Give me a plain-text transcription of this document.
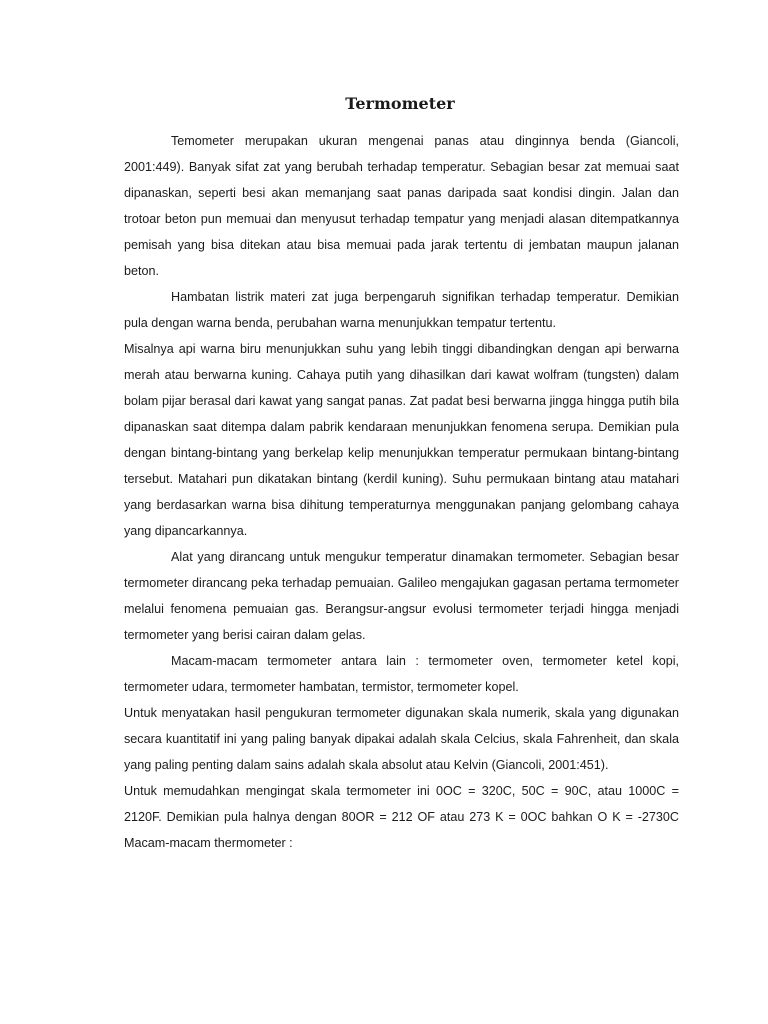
Termometer

Temometer merupakan ukuran mengenai panas atau dinginnya benda (Giancoli, 2001:449). Banyak sifat zat yang berubah terhadap temperatur. Sebagian besar zat memuai saat dipanaskan, seperti besi akan memanjang saat panas daripada saat kondisi dingin. Jalan dan trotoar beton pun memuai dan menyusut terhadap tempatur yang menjadi alasan ditempatkannya pemisah yang bisa ditekan atau bisa memuai pada jarak tertentu di jembatan maupun jalanan beton.

Hambatan listrik materi zat juga berpengaruh signifikan terhadap temperatur. Demikian pula dengan warna benda, perubahan warna menunjukkan tempatur tertentu.

Misalnya api warna biru menunjukkan suhu yang lebih tinggi dibandingkan dengan api berwarna merah atau berwarna kuning. Cahaya putih yang dihasilkan dari kawat wolfram (tungsten) dalam bolam pijar berasal dari kawat yang sangat panas. Zat padat besi berwarna jingga hingga putih bila dipanaskan saat ditempa dalam pabrik kendaraan menunjukkan fenomena serupa. Demikian pula dengan bintang-bintang yang berkelap kelip menunjukkan temperatur permukaan bintang-bintang tersebut. Matahari pun dikatakan bintang (kerdil kuning). Suhu permukaan bintang atau matahari yang berdasarkan warna bisa dihitung temperaturnya menggunakan panjang gelombang cahaya yang dipancarkannya.

Alat yang dirancang untuk mengukur temperatur dinamakan termometer. Sebagian besar termometer dirancang peka terhadap pemuaian. Galileo mengajukan gagasan pertama termometer melalui fenomena pemuaian gas. Berangsur-angsur evolusi termometer terjadi hingga menjadi termometer yang berisi cairan dalam gelas.

Macam-macam termometer antara lain : termometer oven, termometer ketel kopi, termometer udara, termometer hambatan, termistor, termometer kopel.

Untuk menyatakan hasil pengukuran termometer digunakan skala numerik, skala yang digunakan secara kuantitatif ini yang paling banyak dipakai adalah skala Celcius, skala Fahrenheit, dan skala yang paling penting dalam sains adalah skala absolut atau Kelvin (Giancoli, 2001:451).

Untuk memudahkan mengingat skala termometer ini 0OC = 320C, 50C = 90C, atau 1000C = 2120F. Demikian pula halnya dengan 80OR = 212 OF atau 273 K = 0OC bahkan O K = -2730C

Macam-macam thermometer :
